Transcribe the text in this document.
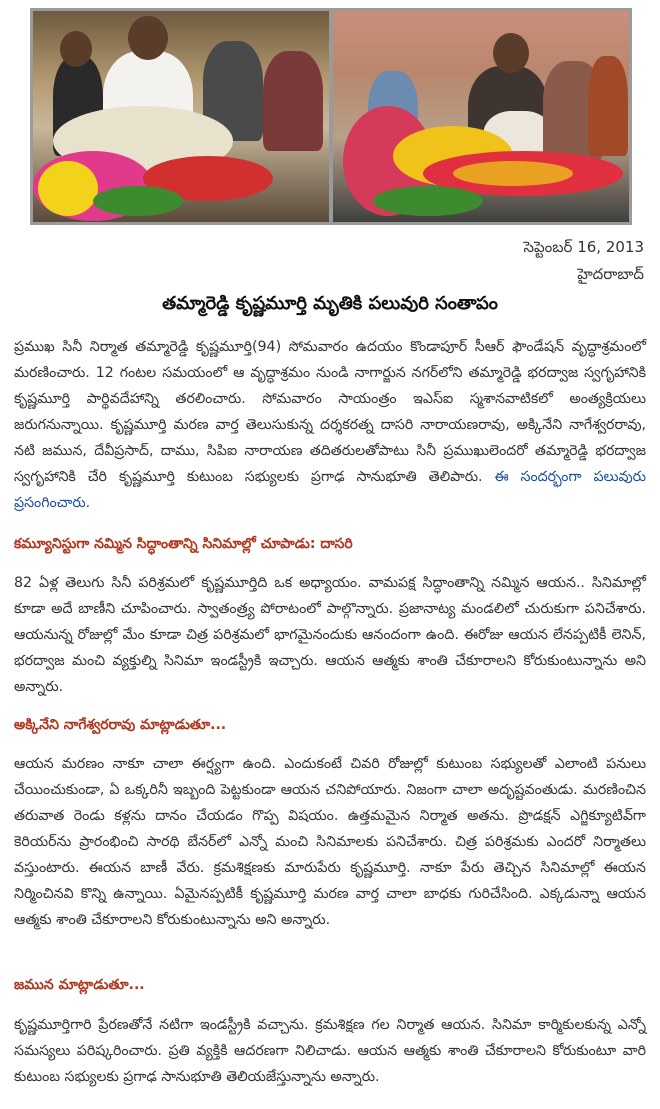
సెప్టెంబర్ 16, 2013
హైదరాబాద్
తమ్మారెడ్డి కృష్ణమూర్తి మృతికి పలువురి సంతాపం

ప్రముఖ సినీ నిర్మాత తమ్మారెడ్డి కృష్ణమూర్తి(94) సోమవారం ఉదయం కొండాపూర్ సీఆర్ ఫౌండేషన్ వృద్ధాశ్రమంలో మరణించారు. 12 గంటల సమయంలో ఆ వృద్ధాశ్రమం నుండి నాగార్జున నగర్‌లోని తమ్మారెడ్డి భరద్వాజ స్వగృహానికి కృష్ణమూర్తి పార్థివదేహాన్ని తరలించారు. సోమవారం సాయంత్రం ఇఎస్ఐ స్మశానవాటికలో అంత్యక్రియలు జరుగనున్నాయి. కృష్ణమూర్తి మరణ వార్త తెలుసుకున్న దర్శకరత్న దాసరి నారాయణరావు, అక్కినేని నాగేశ్వరరావు, నటి జమున, దేవీప్రసాద్, దాము, సిపిఐ నారాయణ తదితరులతోపాటు సినీ ప్రముఖులెందరో తమ్మారెడ్డి భరద్వాజ స్వగృహానికి చేరి కృష్ణమూర్తి కుటుంబ సభ్యులకు ప్రగాఢ సానుభూతి తెలిపారు. ఈ సందర్భంగా పలువురు ప్రసంగించారు.

కమ్యూనిస్టుగా నమ్మిన సిద్ధాంతాన్ని సినిమాల్లో చూపాడు: దాసరి

82 ఏళ్ల తెలుగు సినీ పరిశ్రమలో కృష్ణమూర్తిది ఒక అధ్యాయం. వామపక్ష సిద్ధాంతాన్ని నమ్మిన ఆయన.. సినిమాల్లో కూడా అదే బాణీని చూపించారు. స్వాతంత్ర్య పోరాటంలో పాల్గొన్నారు. ప్రజానాట్య మండలిలో చురుకుగా పనిచేశారు. ఆయనున్న రోజుల్లో మేం కూడా చిత్ర పరిశ్రమలో భాగమైనందుకు ఆనందంగా ఉంది. ఈరోజు ఆయన లేనప్పటికీ లెనిన్, భరద్వాజ మంచి వ్యక్తుల్ని సినిమా ఇండస్ట్రీకి ఇచ్చారు. ఆయన ఆత్మకు శాంతి చేకూరాలని కోరుకుంటున్నాను అని అన్నారు.

అక్కినేని నాగేశ్వరరావు మాట్లాడుతూ...

ఆయన మరణం నాకూ చాలా ఈర్ష్యగా ఉంది. ఎందుకంటే చివరి రోజుల్లో కుటుంబ సభ్యులతో ఎలాంటి పనులు చేయించుకుండా, ఏ ఒక్కరినీ ఇబ్బంది పెట్టకుండా ఆయన చనిపోయారు. నిజంగా చాలా అదృష్టవంతుడు. మరణించిన తరువాత రెండు కళ్లను దానం చేయడం గొప్ప విషయం. ఉత్తమమైన నిర్మాత అతను. ప్రొడక్షన్ ఎగ్జిక్యూటివ్‌గా కెరియర్‌ను ప్రారంభించి సారథి బేనర్‌లో ఎన్నో మంచి సినిమాలకు పనిచేశారు. చిత్ర పరిశ్రమకు ఎందరో నిర్మాతలు వస్తుంటారు. ఈయన బాణీ వేరు. క్రమశిక్షణకు మారుపేరు కృష్ణమూర్తి. నాకూ పేరు తెచ్చిన సినిమాల్లో ఈయన నిర్మించినవి కొన్ని ఉన్నాయి. ఏమైనప్పటికీ కృష్ణమూర్తి మరణ వార్త చాలా బాధకు గురిచేసింది. ఎక్కడున్నా ఆయన ఆత్మకు శాంతి చేకూరాలని కోరుకుంటున్నాను అని అన్నారు.

జమున మాట్లాడుతూ...

కృష్ణమూర్తిగారి ప్రేరణతోనే నటిగా ఇండస్ట్రీకి వచ్చాను. క్రమశిక్షణ గల నిర్మాత ఆయన. సినిమా కార్మికులకున్న ఎన్నో సమస్యలు పరిష్కరించారు. ప్రతి వ్యక్తికి ఆదరణగా నిలిచాడు. ఆయన ఆత్మకు శాంతి చేకూరాలని కోరుకుంటూ వారి కుటుంబ సభ్యులకు ప్రగాఢ సానుభూతి తెలియజేస్తున్నాను అన్నారు.
